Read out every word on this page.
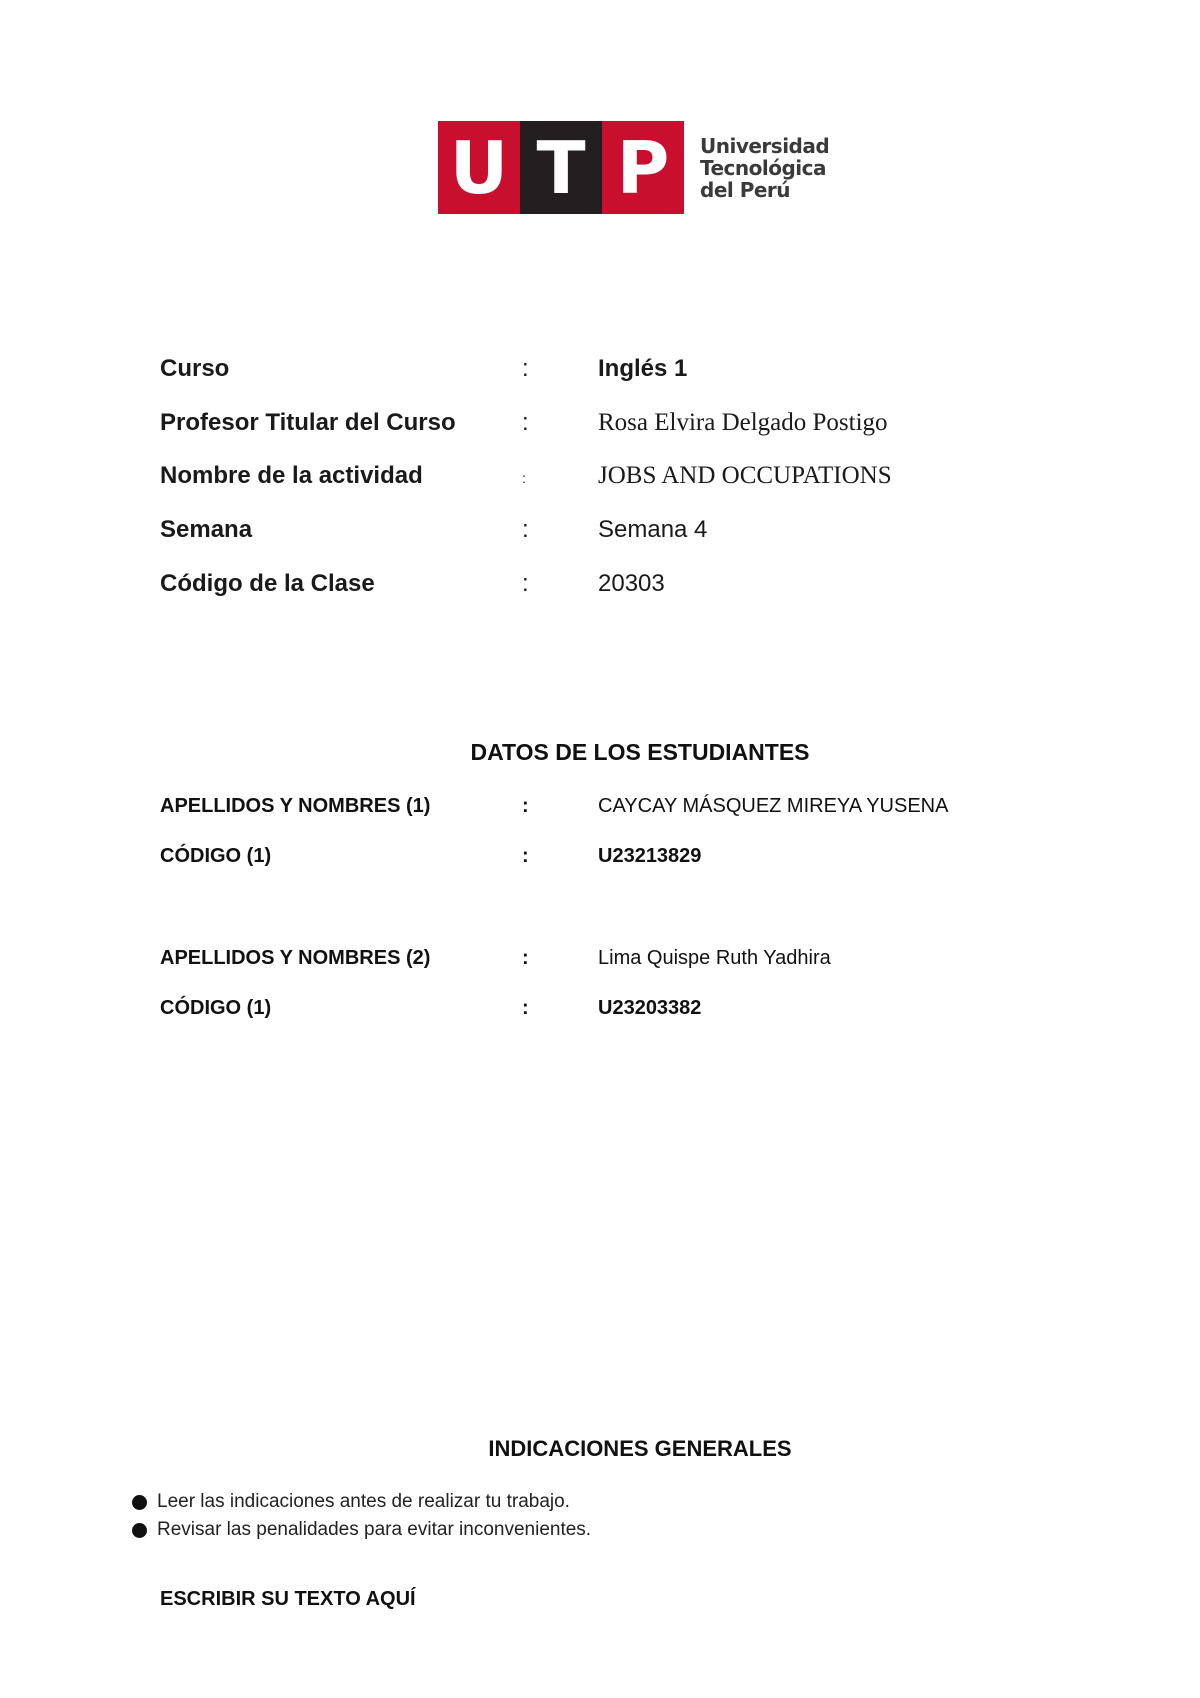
U T P	Universidad
Tecnológica
del Perú
Curso	:	Inglés 1
Profesor Titular del Curso	:	Rosa Elvira Delgado Postigo
Nombre de la actividad	:	JOBS AND OCCUPATIONS
Semana	:	Semana 4
Código de la Clase	:	20303
DATOS DE LOS ESTUDIANTES
APELLIDOS Y NOMBRES (1)	:	CAYCAY MÁSQUEZ MIREYA YUSENA
CÓDIGO (1)	:	U23213829
APELLIDOS Y NOMBRES (2)	:	Lima Quispe Ruth Yadhira
CÓDIGO (1)	:	U23203382
INDICACIONES GENERALES
Leer las indicaciones antes de realizar tu trabajo.
Revisar las penalidades para evitar inconvenientes.
ESCRIBIR SU TEXTO AQUÍ
